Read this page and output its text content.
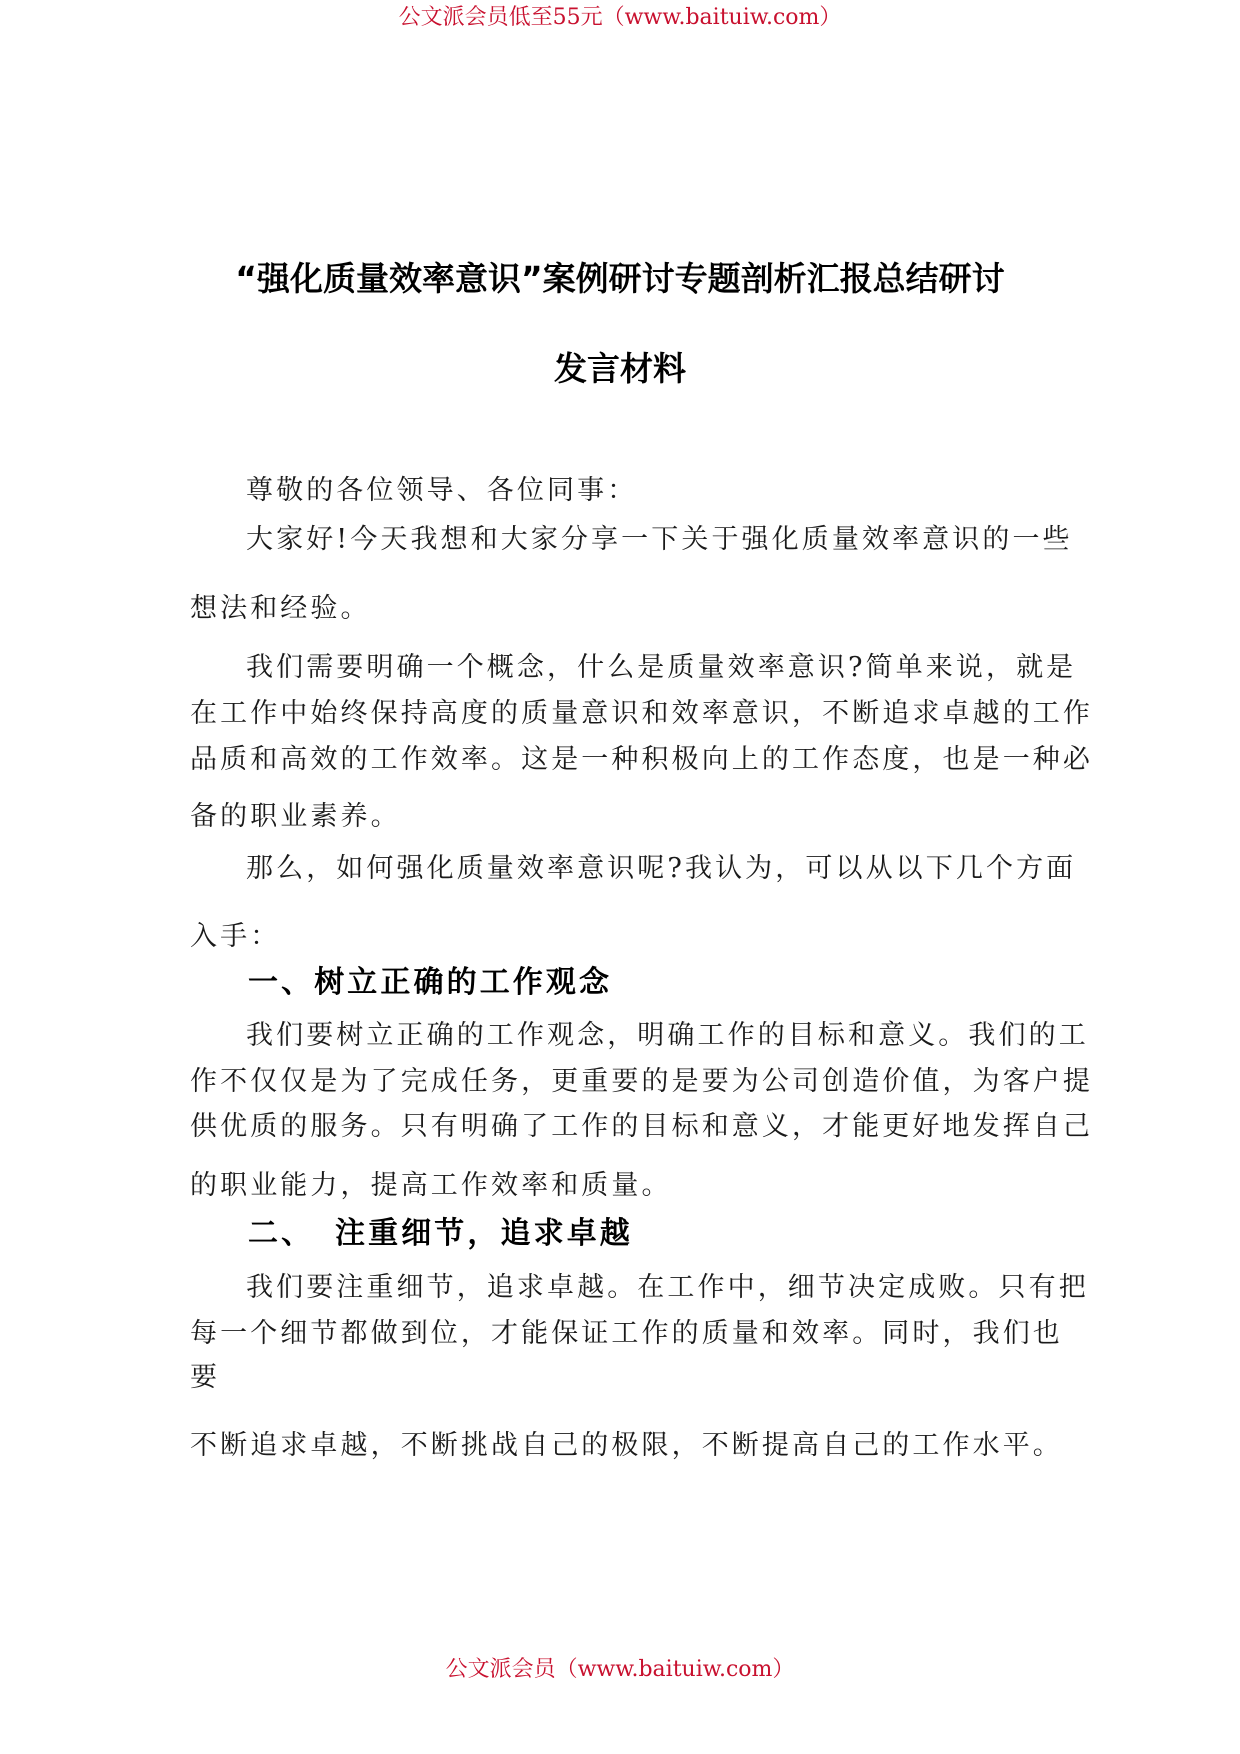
公文派会员低至55元（www.baituiw.com）
“强化质量效率意识”案例研讨专题剖析汇报总结研讨
发言材料
尊敬的各位领导、各位同事：
大家好!今天我想和大家分享一下关于强化质量效率意识的一些
想法和经验。
我们需要明确一个概念，什么是质量效率意识?简单来说，就是
在工作中始终保持高度的质量意识和效率意识，不断追求卓越的工作
品质和高效的工作效率。这是一种积极向上的工作态度，也是一种必
备的职业素养。
那么，如何强化质量效率意识呢?我认为，可以从以下几个方面
入手：
一、树立正确的工作观念
我们要树立正确的工作观念，明确工作的目标和意义。我们的工
作不仅仅是为了完成任务，更重要的是要为公司创造价值，为客户提
供优质的服务。只有明确了工作的目标和意义，才能更好地发挥自己
的职业能力，提高工作效率和质量。
二、 注重细节，追求卓越
我们要注重细节，追求卓越。在工作中，细节决定成败。只有把
每一个细节都做到位，才能保证工作的质量和效率。同时，我们也
要
不断追求卓越，不断挑战自己的极限，不断提高自己的工作水平。
公文派会员（www.baituiw.com）
